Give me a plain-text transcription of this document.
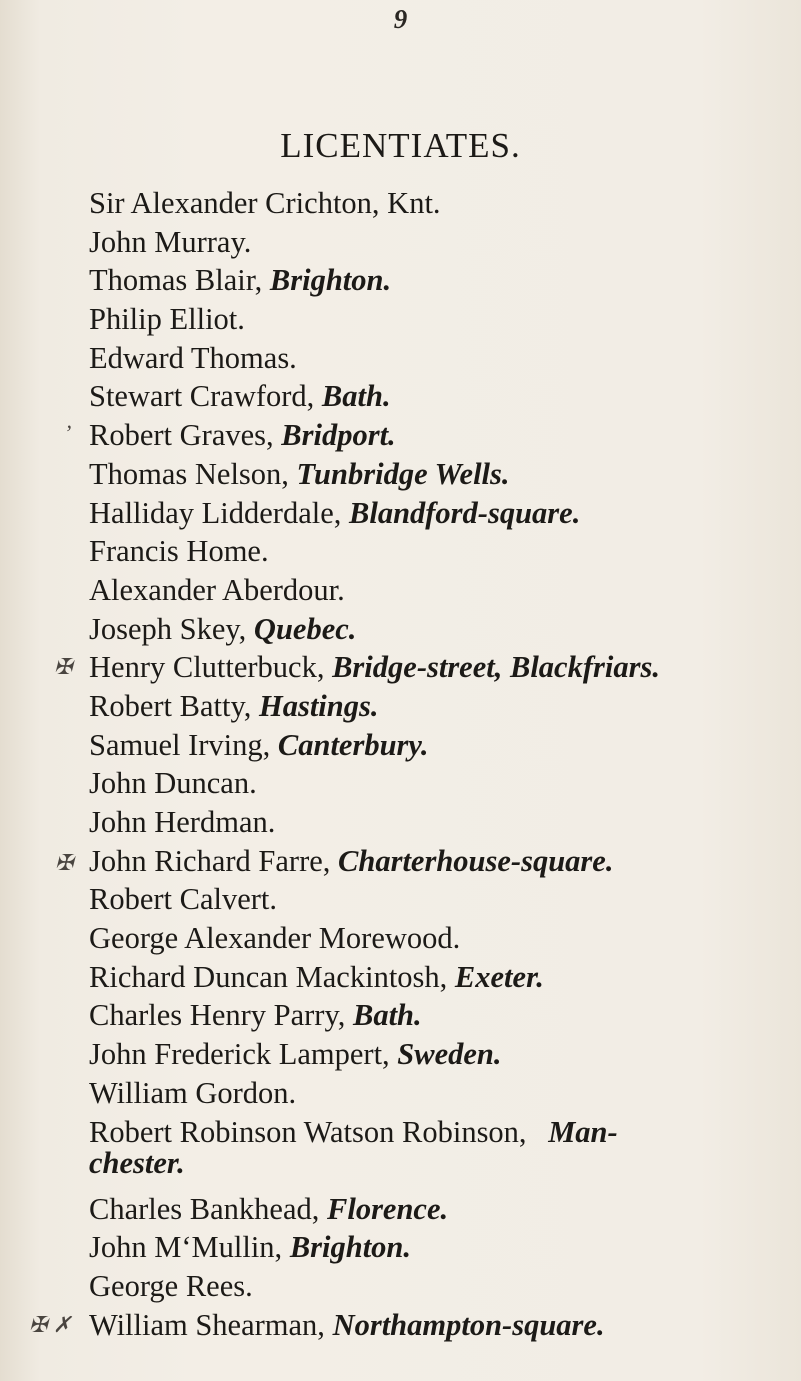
9
LICENTIATES.
Sir Alexander Crichton, Knt.
John Murray.
Thomas Blair, Brighton.
Philip Elliot.
Edward Thomas.
Stewart Crawford, Bath.
’ Robert Graves, Bridport.
Thomas Nelson, Tunbridge Wells.
Halliday Lidderdale, Blandford-square.
Francis Home.
Alexander Aberdour.
Joseph Skey, Quebec.
✠ Henry Clutterbuck, Bridge-street, Blackfriars.
Robert Batty, Hastings.
Samuel Irving, Canterbury.
John Duncan.
John Herdman.
✠ John Richard Farre, Charterhouse-square.
Robert Calvert.
George Alexander Morewood.
Richard Duncan Mackintosh, Exeter.
Charles Henry Parry, Bath.
John Frederick Lampert, Sweden.
William Gordon.
Robert Robinson Watson Robinson, Man-
chester.
Charles Bankhead, Florence.
John M‘Mullin, Brighton.
George Rees.
✠ ✗ William Shearman, Northampton-square.
